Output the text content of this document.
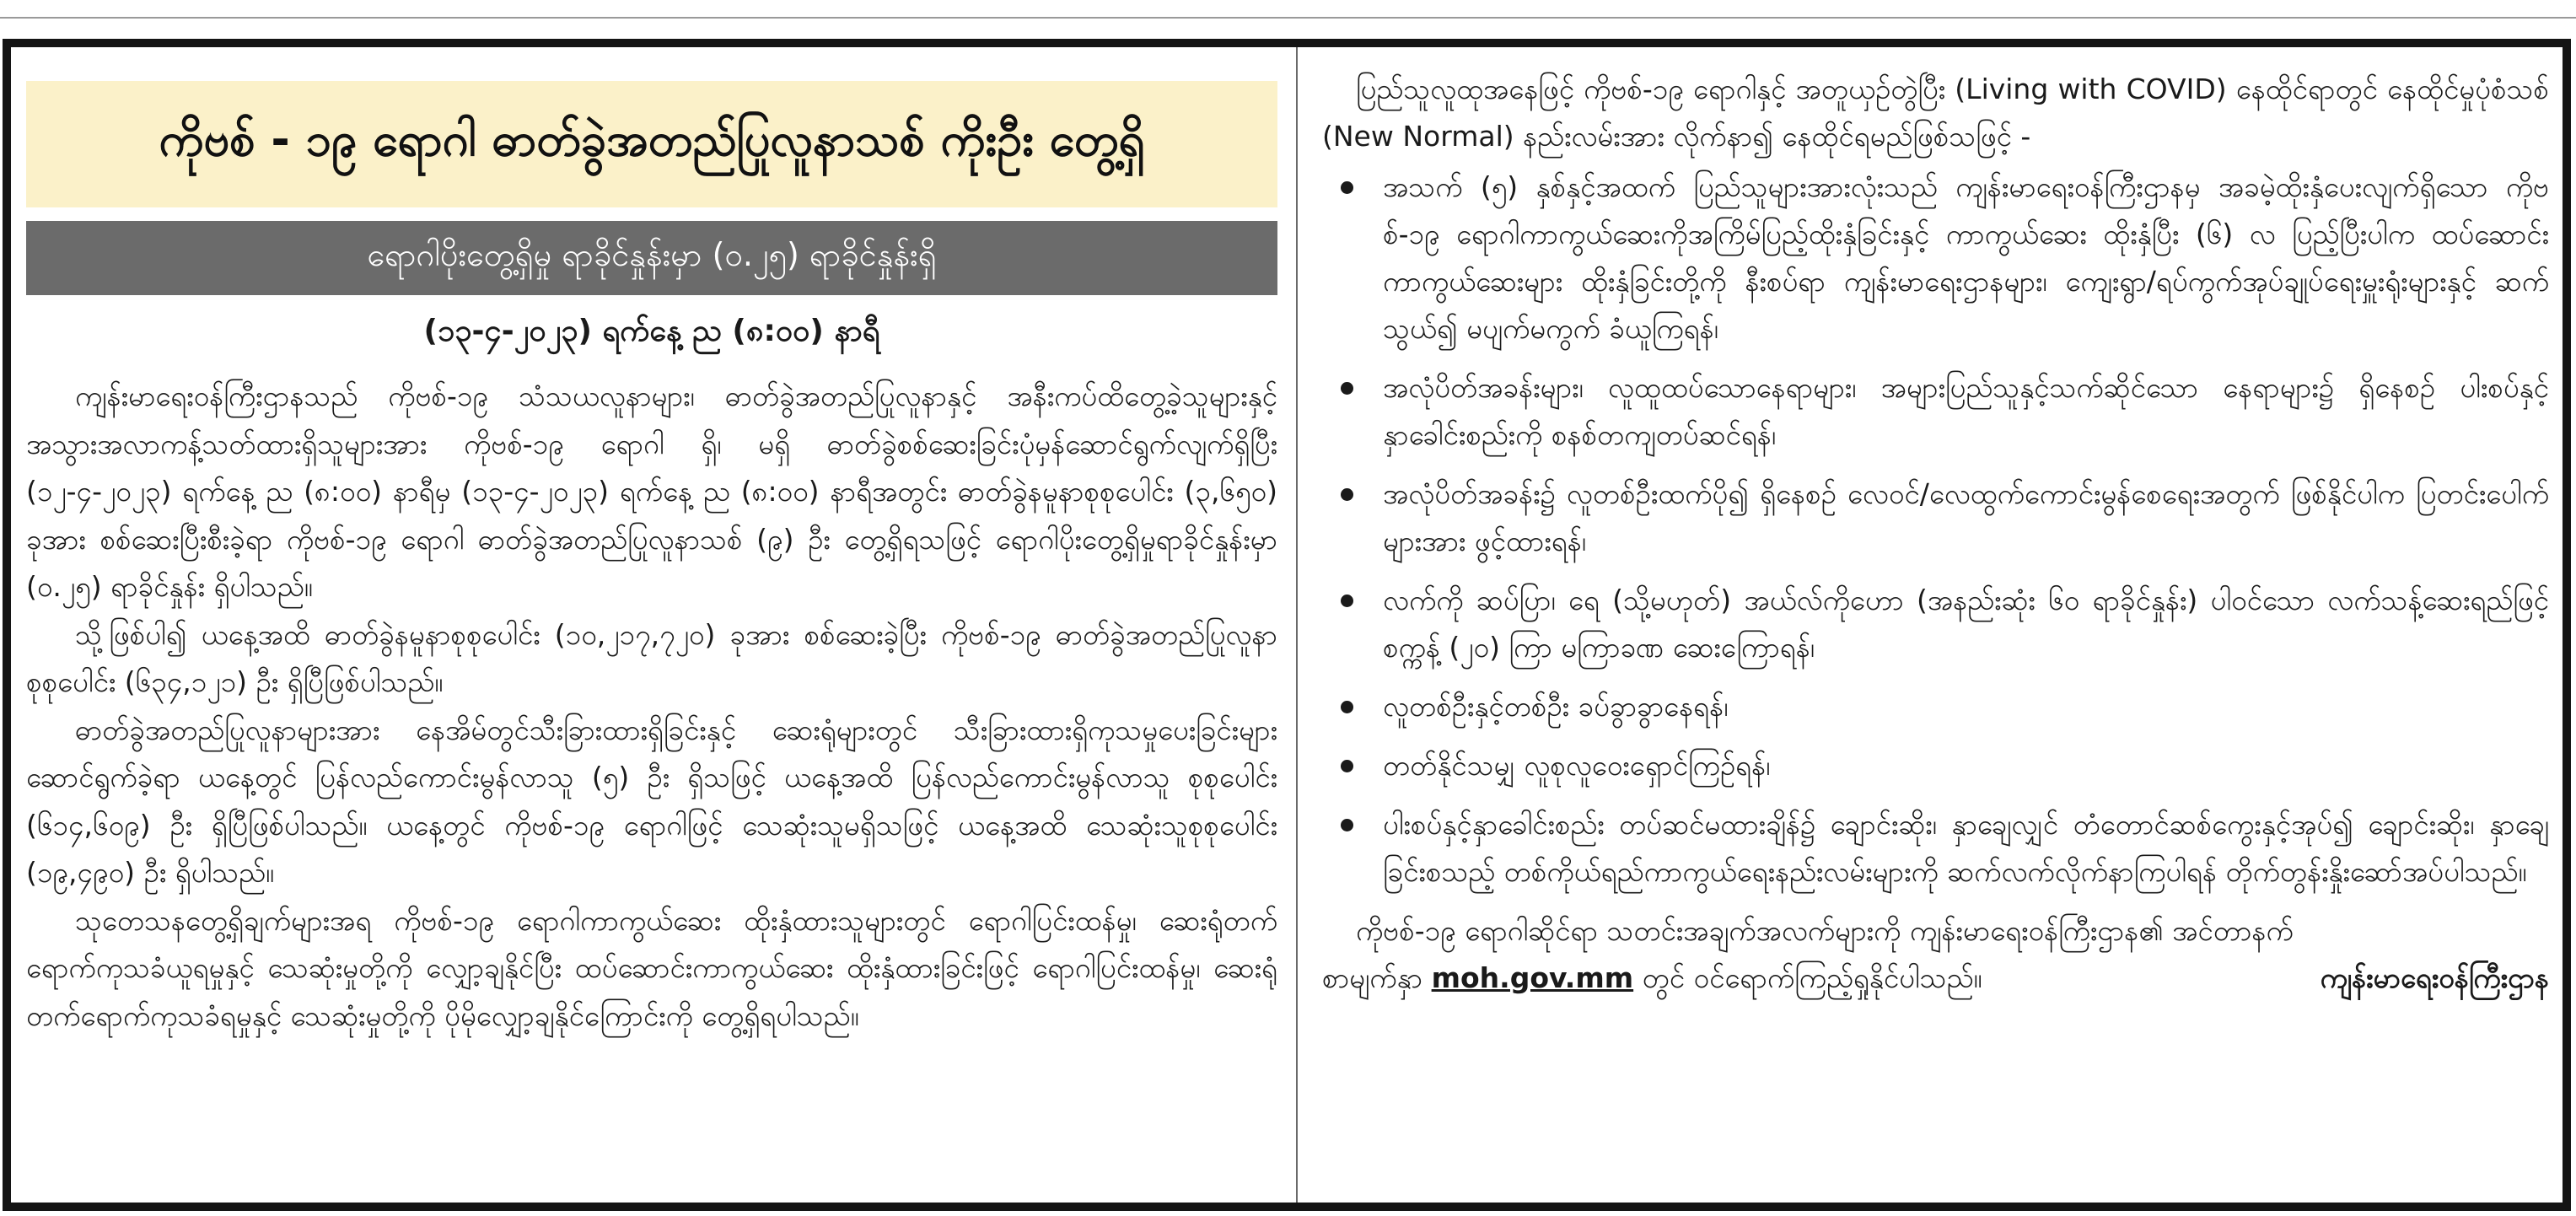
ကိုဗစ် - ၁၉ ရောဂါ ဓာတ်ခွဲအတည်ပြုလူနာသစ် ကိုးဦး တွေ့ရှိ
ရောဂါပိုးတွေ့ရှိမှု ရာခိုင်နှုန်းမှာ (၀.၂၅) ရာခိုင်နှုန်းရှိ
(၁၃-၄-၂၀၂၃) ရက်နေ့ ည (၈:၀၀) နာရီ

ကျန်းမာရေးဝန်ကြီးဌာနသည် ကိုဗစ်-၁၉ သံသယလူနာများ၊ ဓာတ်ခွဲအတည်ပြုလူနာနှင့် အနီးကပ်ထိတွေ့ခဲ့သူများနှင့် အသွားအလာကန့်သတ်ထားရှိသူများအား ကိုဗစ်-၁၉ ရောဂါ ရှိ၊ မရှိ ဓာတ်ခွဲစစ်ဆေးခြင်းပုံမှန်ဆောင်ရွက်လျက်ရှိပြီး (၁၂-၄-၂၀၂၃) ရက်နေ့ ည (၈:၀၀) နာရီမှ (၁၃-၄-၂၀၂၃) ရက်နေ့ ည (၈:၀၀) နာရီအတွင်း ဓာတ်ခွဲနမူနာစုစုပေါင်း (၃,၆၅၀) ခုအား စစ်ဆေးပြီးစီးခဲ့ရာ ကိုဗစ်-၁၉ ရောဂါ ဓာတ်ခွဲအတည်ပြုလူနာသစ် (၉) ဦး တွေ့ရှိရသဖြင့် ရောဂါပိုးတွေ့ရှိမှုရာခိုင်နှုန်းမှာ (၀.၂၅) ရာခိုင်နှုန်း ရှိပါသည်။

သို့ဖြစ်ပါ၍ ယနေ့အထိ ဓာတ်ခွဲနမူနာစုစုပေါင်း (၁၀,၂၁၇,၇၂၀) ခုအား စစ်ဆေးခဲ့ပြီး ကိုဗစ်-၁၉ ဓာတ်ခွဲအတည်ပြုလူနာ စုစုပေါင်း (၆၃၄,၁၂၁) ဦး ရှိပြီဖြစ်ပါသည်။

ဓာတ်ခွဲအတည်ပြုလူနာများအား နေအိမ်တွင်သီးခြားထားရှိခြင်းနှင့် ဆေးရုံများတွင် သီးခြားထားရှိကုသမှုပေးခြင်းများ ဆောင်ရွက်ခဲ့ရာ ယနေ့တွင် ပြန်လည်ကောင်းမွန်လာသူ (၅) ဦး ရှိသဖြင့် ယနေ့အထိ ပြန်လည်ကောင်းမွန်လာသူ စုစုပေါင်း (၆၁၄,၆၀၉) ဦး ရှိပြီဖြစ်ပါသည်။ ယနေ့တွင် ကိုဗစ်-၁၉ ရောဂါဖြင့် သေဆုံးသူမရှိသဖြင့် ယနေ့အထိ သေဆုံးသူစုစုပေါင်း (၁၉,၄၉၀) ဦး ရှိပါသည်။

သုတေသနတွေ့ရှိချက်များအရ ကိုဗစ်-၁၉ ရောဂါကာကွယ်ဆေး ထိုးနှံထားသူများတွင် ရောဂါပြင်းထန်မှု၊ ဆေးရုံတက်ရောက်ကုသခံယူရမှုနှင့် သေဆုံးမှုတို့ကို လျှော့ချနိုင်ပြီး ထပ်ဆောင်းကာကွယ်ဆေး ထိုးနှံထားခြင်းဖြင့် ရောဂါပြင်းထန်မှု၊ ဆေးရုံတက်ရောက်ကုသခံရမှုနှင့် သေဆုံးမှုတို့ကို ပိုမိုလျှော့ချနိုင်ကြောင်းကို တွေ့ရှိရပါသည်။

ပြည်သူလူထုအနေဖြင့် ကိုဗစ်-၁၉ ရောဂါနှင့် အတူယှဉ်တွဲပြီး (Living with COVID) နေထိုင်ရာတွင် နေထိုင်မှုပုံစံသစ် (New Normal) နည်းလမ်းအား လိုက်နာ၍ နေထိုင်ရမည်ဖြစ်သဖြင့် -

အသက် (၅) နှစ်နှင့်အထက် ပြည်သူများအားလုံးသည် ကျန်းမာရေးဝန်ကြီးဌာနမှ အခမဲ့ထိုးနှံပေးလျက်ရှိသော ကိုဗစ်-၁၉ ရောဂါကာကွယ်ဆေးကိုအကြိမ်ပြည့်ထိုးနှံခြင်းနှင့် ကာကွယ်ဆေး ထိုးနှံပြီး (၆) လ ပြည့်ပြီးပါက ထပ်ဆောင်းကာကွယ်ဆေးများ ထိုးနှံခြင်းတို့ကို နီးစပ်ရာ ကျန်းမာရေးဌာနများ၊ ကျေးရွာ/ရပ်ကွက်အုပ်ချုပ်ရေးမှူးရုံးများနှင့် ဆက်သွယ်၍ မပျက်မကွက် ခံယူကြရန်၊
အလုံပိတ်အခန်းများ၊ လူထူထပ်သောနေရာများ၊ အများပြည်သူနှင့်သက်ဆိုင်သော နေရာများ၌ ရှိနေစဉ် ပါးစပ်နှင့်နှာခေါင်းစည်းကို စနစ်တကျတပ်ဆင်ရန်၊
အလုံပိတ်အခန်း၌ လူတစ်ဦးထက်ပို၍ ရှိနေစဉ် လေဝင်/လေထွက်ကောင်းမွန်စေရေးအတွက် ဖြစ်နိုင်ပါက ပြတင်းပေါက်များအား ဖွင့်ထားရန်၊
လက်ကို ဆပ်ပြာ၊ ရေ (သို့မဟုတ်) အယ်လ်ကိုဟော (အနည်းဆုံး ၆၀ ရာခိုင်နှုန်း) ပါဝင်သော လက်သန့်ဆေးရည်ဖြင့် စက္ကန့် (၂၀) ကြာ မကြာခဏ ဆေးကြောရန်၊
လူတစ်ဦးနှင့်တစ်ဦး ခပ်ခွာခွာနေရန်၊
တတ်နိုင်သမျှ လူစုလူဝေးရှောင်ကြဉ်ရန်၊
ပါးစပ်နှင့်နှာခေါင်းစည်း တပ်ဆင်မထားချိန်၌ ချောင်းဆိုး၊ နှာချေလျှင် တံတောင်ဆစ်ကွေးနှင့်အုပ်၍ ချောင်းဆိုး၊ နှာချေခြင်းစသည့် တစ်ကိုယ်ရည်ကာကွယ်ရေးနည်းလမ်းများကို ဆက်လက်လိုက်နာကြပါရန် တိုက်တွန်းနှိုးဆော်အပ်ပါသည်။

ကိုဗစ်-၁၉ ရောဂါဆိုင်ရာ သတင်းအချက်အလက်များကို ကျန်းမာရေးဝန်ကြီးဌာန၏ အင်တာနက်

စာမျက်နှာ moh.gov.mm တွင် ဝင်ရောက်ကြည့်ရှုနိုင်ပါသည်။	ကျန်းမာရေးဝန်ကြီးဌာန
